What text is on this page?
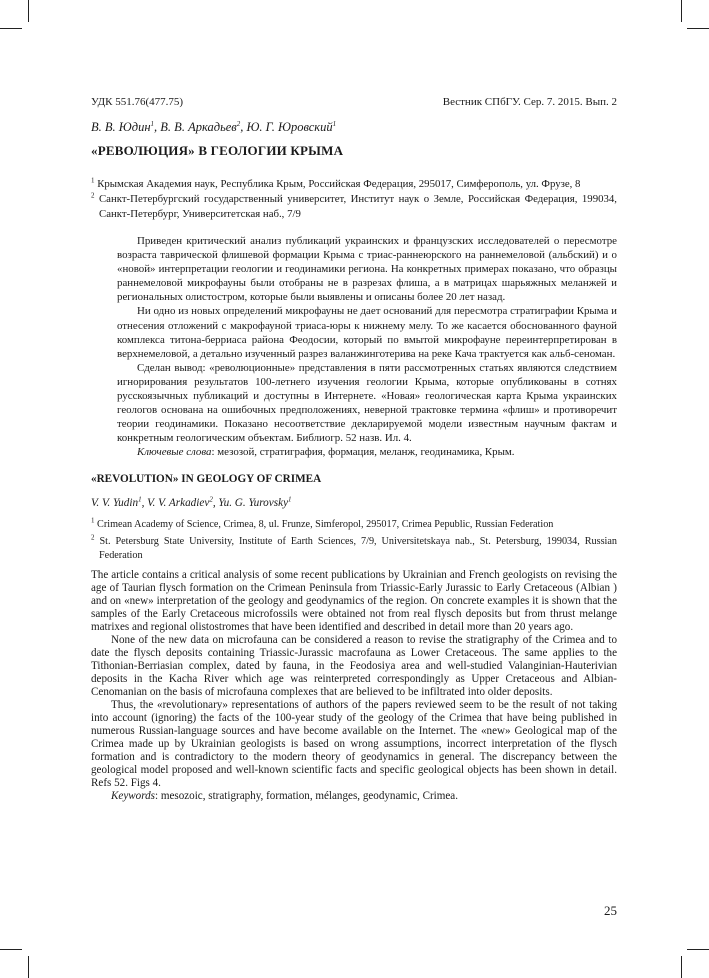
УДК 551.76(477.75)	Вестник СПбГУ. Сер. 7. 2015. Вып. 2
В. В. Юдин$^1$, В. В. Аркадьев$^2$, Ю. Г. Юровский$^1$
«РЕВОЛЮЦИЯ» В ГЕОЛОГИИ КРЫМА

$^1$ Крымская Академия наук, Республика Крым, Российская Федерация, 295017, Симферополь, ул. Фрузе, 8

$^2$ Санкт-Петербургский государственный университет, Институт наук о Земле, Российская Федерация, 199034, Санкт-Петербург, Университетская наб., 7/9

Приведен критический анализ публикаций украинских и французских исследователей о пересмотре возраста таврической флишевой формации Крыма с триас-раннеюрского на раннемеловой (альбский) и о «новой» интерпретации геологии и геодинамики региона. На конкретных примерах показано, что образцы раннемеловой микрофауны были отобраны не в разрезах флиша, а в матрицах шарьяжных меланжей и региональных олистостром, которые были выявлены и описаны более 20 лет назад.

Ни одно из новых определений микрофауны не дает оснований для пересмотра стратиграфии Крыма и отнесения отложений с макрофауной триаса-юры к нижнему мелу. То же касается обоснованного фауной комплекса титона-берриаса района Феодосии, который по вмытой микрофауне переинтерпретирован в верхнемеловой, а детально изученный разрез валанжинготерива на реке Кача трактуется как альб-сеноман.

Сделан вывод: «революционные» представления в пяти рассмотренных статьях являются следствием игнорирования результатов 100-летнего изучения геологии Крыма, которые опубликованы в сотнях русскоязычных публикаций и доступны в Интернете. «Новая» геологическая карта Крыма украинских геологов основана на ошибочных предположениях, неверной трактовке термина «флиш» и противоречит теории геодинамики. Показано несоответствие декларируемой модели известным научным фактам и конкретным геологическим объектам. Библиогр. 52 назв. Ил. 4.

Ключевые слова: мезозой, стратиграфия, формация, меланж, геодинамика, Крым.

«REVOLUTION» IN GEOLOGY OF CRIMEA
V. V. Yudin$^1$, V. V. Arkadiev$^2$, Yu. G. Yurovsky$^1$

$^1$ Crimean Academy of Science, Crimea, 8, ul. Frunze, Simferopol, 295017, Crimea Pepublic, Russian Federation

$^2$ St. Petersburg State University, Institute of Earth Sciences, 7/9, Universitetskaya nab., St. Petersburg, 199034, Russian Federation

The article contains a critical analysis of some recent publications by Ukrainian and French geologists on revising the age of Taurian flysch formation on the Crimean Peninsula from Triassic-Early Jurassic to Early Cretaceous (Albian ) and on «new» interpretation of the geology and geodynamics of the region. On concrete examples it is shown that the samples of the Early Cretaceous microfossils were obtained not from real flysch deposits but from thrust melange matrixes and regional olistostromes that have been identified and described in detail more than 20 years ago.

None of the new data on microfauna can be considered a reason to revise the stratigraphy of the Crimea and to date the flysch deposits containing Triassic-Jurassic macrofauna as Lower Cretaceous. The same applies to the Tithonian-Berriasian complex, dated by fauna, in the Feodosiya area and well-studied Valanginian-Hauterivian deposits in the Kacha River which age was reinterpreted correspondingly as Upper Cretaceous and Albian-Cenomanian on the basis of microfauna complexes that are believed to be infiltrated into older deposits.

Thus, the «revolutionary» representations of authors of the papers reviewed seem to be the result of not taking into account (ignoring) the facts of the 100-year study of the geology of the Crimea that have being published in numerous Russian-language sources and have become available on the Internet. The «new» Geological map of the Crimea made up by Ukrainian geologists is based on wrong assumptions, incorrect interpretation of the flysch formation and is contradictory to the modern theory of geodynamics in general. The discrepancy between the geological model proposed and well-known scientific facts and specific geological objects has been shown in detail. Refs 52. Figs 4.

Keywords: mesozoic, stratigraphy, formation, mélanges, geodynamic, Crimea.

25
